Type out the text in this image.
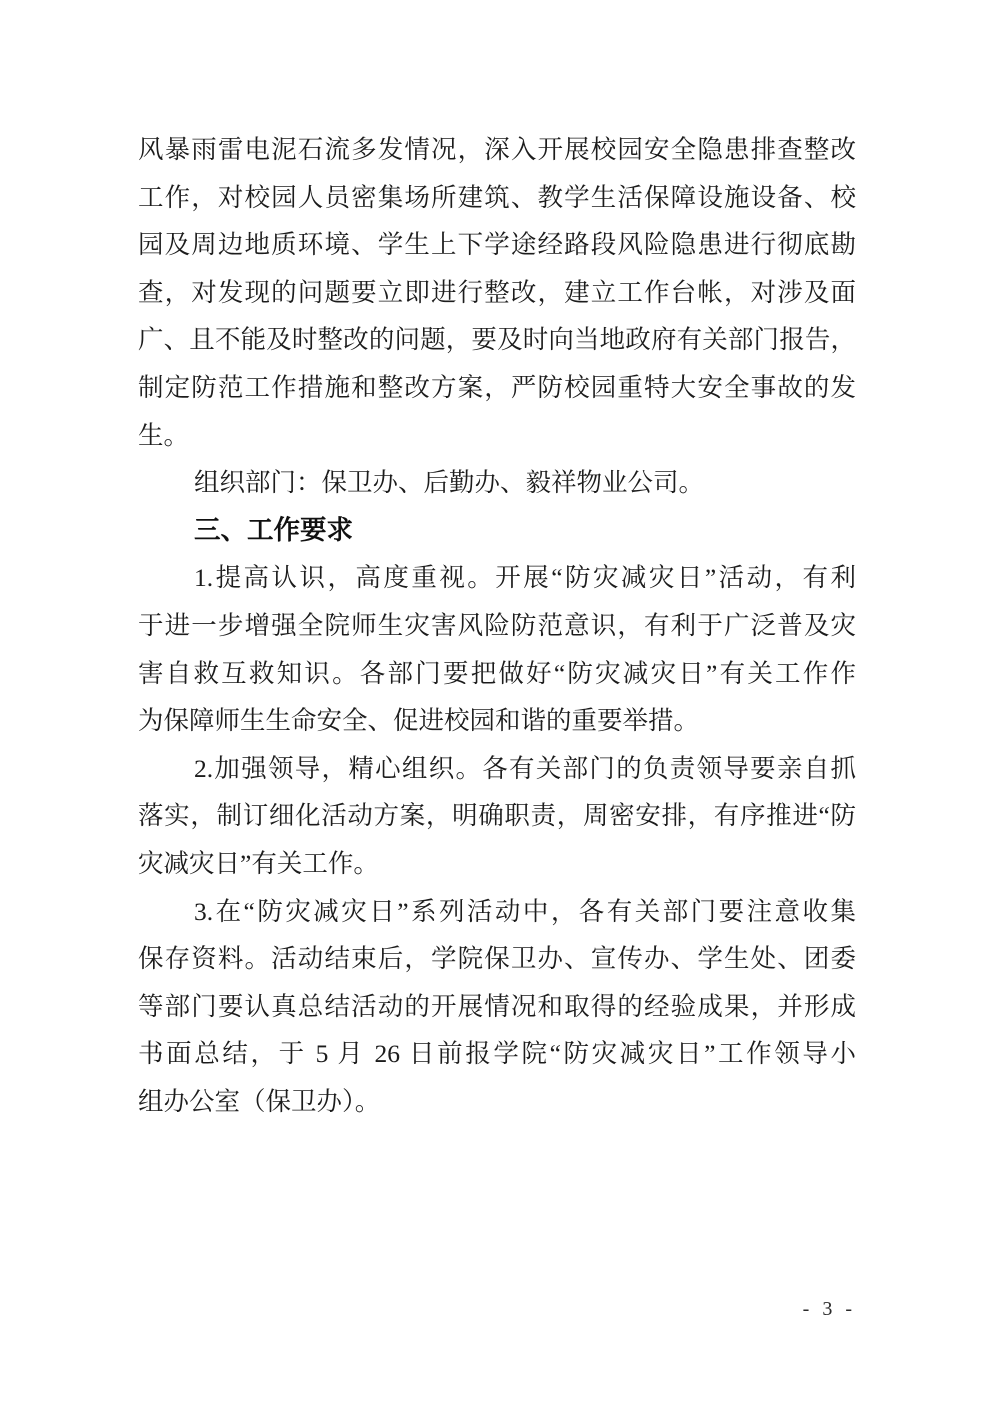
风暴雨雷电泥石流多发情况，深入开展校园安全隐患排查整改
工作，对校园人员密集场所建筑、教学生活保障设施设备、校
园及周边地质环境、学生上下学途经路段风险隐患进行彻底勘
查，对发现的问题要立即进行整改，建立工作台帐，对涉及面
广、且不能及时整改的问题，要及时向当地政府有关部门报告，
制定防范工作措施和整改方案，严防校园重特大安全事故的发
生。
组织部门：保卫办、后勤办、毅祥物业公司。
三、工作要求
1.提高认识，高度重视。开展“防灾减灾日”活动，有利
于进一步增强全院师生灾害风险防范意识，有利于广泛普及灾
害自救互救知识。各部门要把做好“防灾减灾日”有关工作作
为保障师生生命安全、促进校园和谐的重要举措。
2.加强领导，精心组织。各有关部门的负责领导要亲自抓
落实，制订细化活动方案，明确职责，周密安排，有序推进“防
灾减灾日”有关工作。
3.在“防灾减灾日”系列活动中，各有关部门要注意收集
保存资料。活动结束后，学院保卫办、宣传办、学生处、团委
等部门要认真总结活动的开展情况和取得的经验成果，并形成
书面总结，于 5 月 26 日前报学院“防灾减灾日”工作领导小
组办公室（保卫办）。
- 3 -
